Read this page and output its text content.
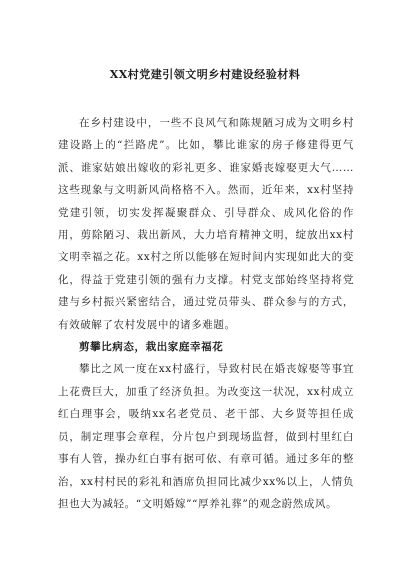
XX村党建引领文明乡村建设经验材料

在乡村建设中，一些不良风气和陈规陋习成为文明乡村建设路上的“拦路虎”。比如，攀比谁家的房子修建得更气派、谁家姑娘出嫁收的彩礼更多、谁家婚丧嫁娶更大气……这些现象与文明新风尚格格不入。然而，近年来，xx村坚持党建引领，切实发挥凝聚群众、引导群众、成风化俗的作用，剪除陋习、栽出新风，大力培育精神文明，绽放出xx村文明幸福之花。xx村之所以能够在短时间内实现如此大的变化，得益于党建引领的强有力支撑。村党支部始终坚持将党建与乡村振兴紧密结合，通过党员带头、群众参与的方式，有效破解了农村发展中的诸多难题。

剪攀比病态，栽出家庭幸福花

攀比之风一度在xx村盛行，导致村民在婚丧嫁娶等事宜上花费巨大，加重了经济负担。为改变这一状况，xx村成立红白理事会，吸纳xx名老党员、老干部、大乡贤等担任成员，制定理事会章程，分片包户到现场监督，做到村里红白事有人管，操办红白事有据可依、有章可循。通过多年的整治，xx村村民的彩礼和酒席负担同比减少xx%以上，人情负担也大为减轻。“文明婚嫁”“厚养礼葬”的观念蔚然成风。
